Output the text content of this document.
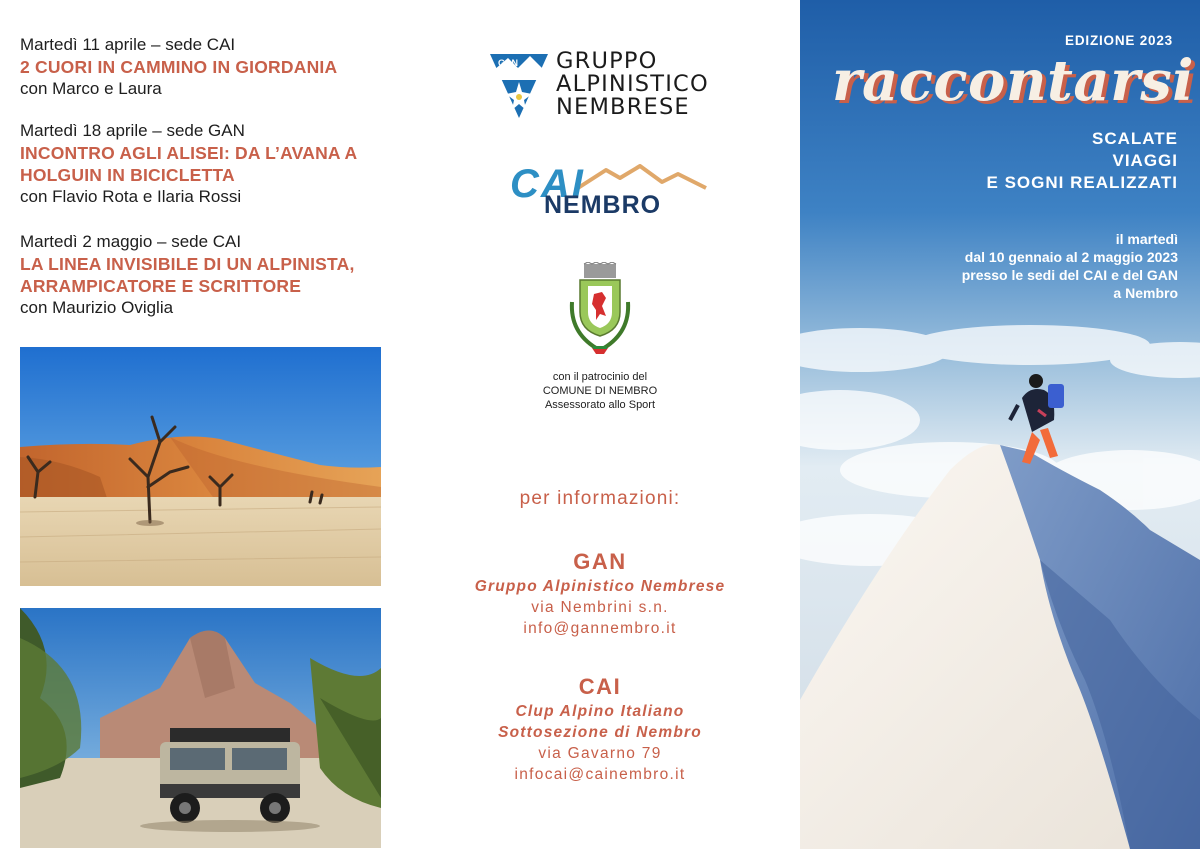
Martedì 11 aprile – sede CAI
2 CUORI IN CAMMINO IN GIORDANIA
con Marco e Laura
Martedì 18 aprile – sede GAN
INCONTRO AGLI ALISEI: DA L’AVANA A HOLGUIN IN BICICLETTA
con Flavio Rota e Ilaria Rossi
Martedì 2 maggio – sede CAI
LA LINEA INVISIBILE DI UN ALPINISTA, ARRAMPICATORE E SCRITTORE
con Maurizio Oviglia
GAN GRUPPO
ALPINISTICO
NEMBRESE
CAI
NEMBRO
con il patrocinio del
COMUNE DI NEMBRO
Assessorato allo Sport
per informazioni:
GAN
Gruppo Alpinistico Nembrese
via Nembrini s.n.
info@gannembro.it
CAI
Clup Alpino Italiano
Sottosezione di Nembro
via Gavarno 79
infocai@cainembro.it
EDIZIONE 2023
raccontarsi
SCALATE
VIAGGI
E SOGNI REALIZZATI
il martedì
dal 10 gennaio al 2 maggio 2023
presso le sedi del CAI e del GAN
a Nembro
